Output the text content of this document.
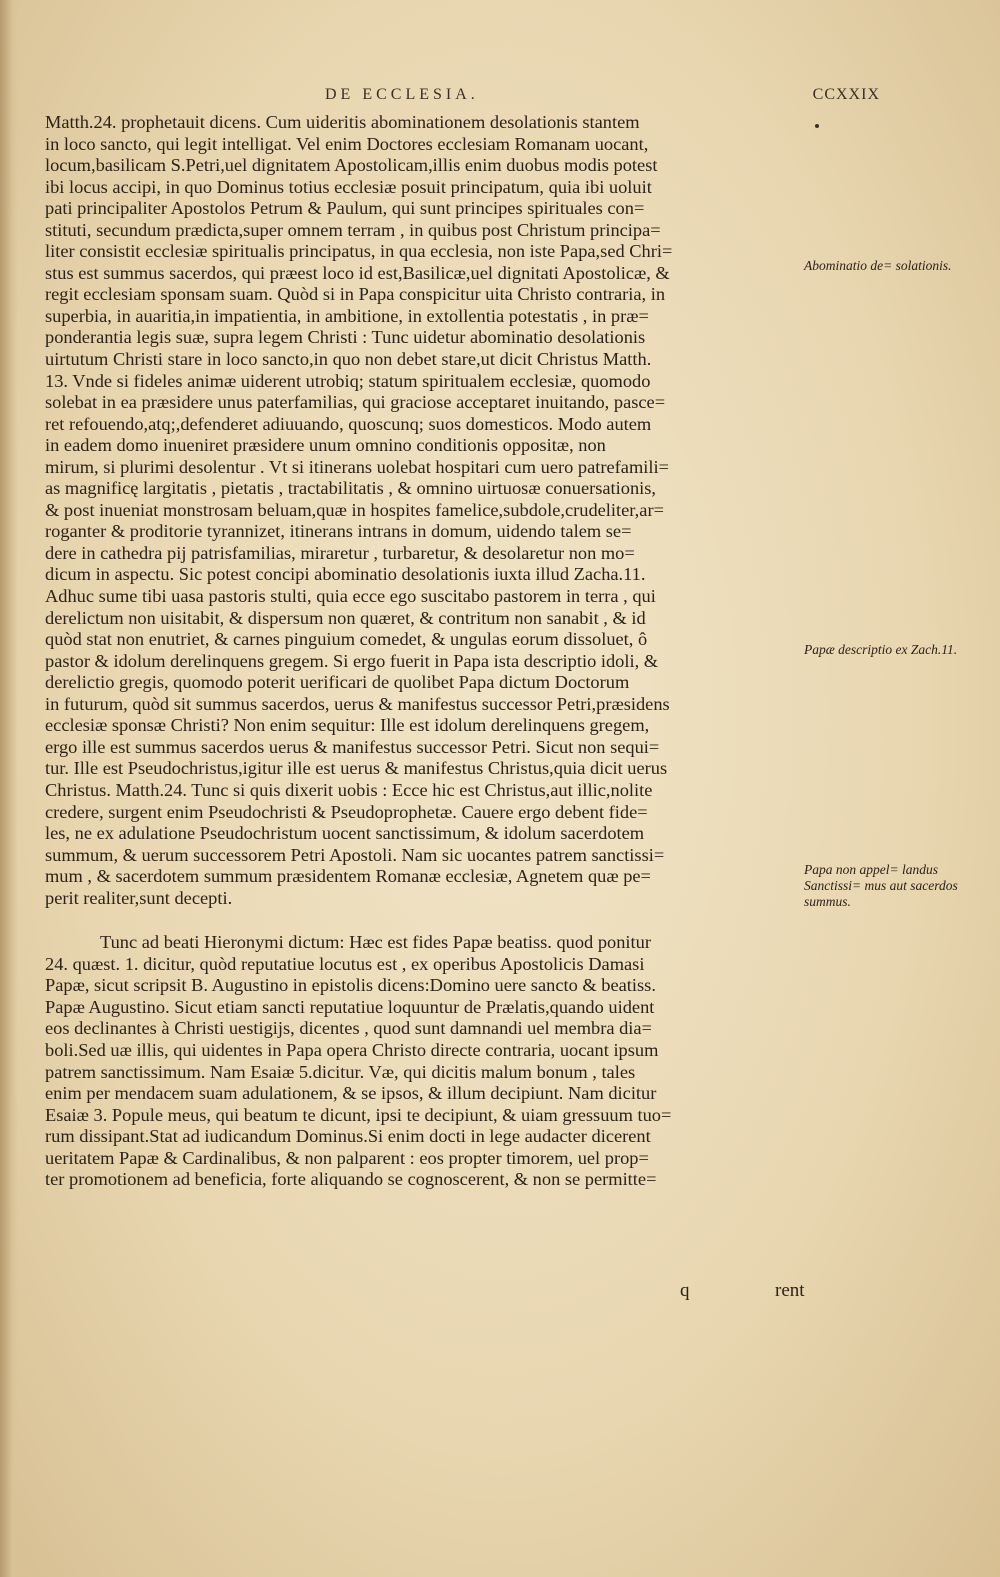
DE ECCLESIA.	CCXXIX
Matth.24. prophetauit dicens. Cum uideritis abominationem desolationis stantem
in loco sancto, qui legit intelligat. Vel enim Doctores ecclesiam Romanam uocant,
locum,basilicam S.Petri,uel dignitatem Apostolicam,illis enim duobus modis potest
ibi locus accipi, in quo Dominus totius ecclesiæ posuit principatum, quia ibi uoluit
pati principaliter Apostolos Petrum & Paulum, qui sunt principes spirituales con=
stituti, secundum prædicta,super omnem terram , in quibus post Christum principa=
liter consistit ecclesiæ spiritualis principatus, in qua ecclesia, non iste Papa,sed Chri=
stus est summus sacerdos, qui præest loco id est,Basilicæ,uel dignitati Apostolicæ, &
regit ecclesiam sponsam suam. Quòd si in Papa conspicitur uita Christo contraria, in
superbia, in auaritia,in impatientia, in ambitione, in extollentia potestatis , in præ=
ponderantia legis suæ, supra legem Christi : Tunc uidetur abominatio desolationis
uirtutum Christi stare in loco sancto,in quo non debet stare,ut dicit Christus Matth.
13. Vnde si fideles animæ uiderent utrobiq; statum spiritualem ecclesiæ, quomodo
solebat in ea præsidere unus paterfamilias, qui graciose acceptaret inuitando, pasce=
ret refouendo,atq;,defenderet adiuuando, quoscunq; suos domesticos. Modo autem
in eadem domo inueniret præsidere unum omnino conditionis oppositæ, non
mirum, si plurimi desolentur . Vt si itinerans uolebat hospitari cum uero patrefamili=
as magnificę largitatis , pietatis , tractabilitatis , & omnino uirtuosæ conuersationis,
& post inueniat monstrosam beluam,quæ in hospites famelice,subdole,crudeliter,ar=
roganter & proditorie tyrannizet, itinerans intrans in domum, uidendo talem se=
dere in cathedra pij patrisfamilias, miraretur , turbaretur, & desolaretur non mo=
dicum in aspectu. Sic potest concipi abominatio desolationis iuxta illud Zacha.11.
Adhuc sume tibi uasa pastoris stulti, quia ecce ego suscitabo pastorem in terra , qui
derelictum non uisitabit, & dispersum non quæret, & contritum non sanabit , & id
quòd stat non enutriet, & carnes pinguium comedet, & ungulas eorum dissoluet, ô
pastor & idolum derelinquens gregem. Si ergo fuerit in Papa ista descriptio idoli, &
derelictio gregis, quomodo poterit uerificari de quolibet Papa dictum Doctorum
in futurum, quòd sit summus sacerdos, uerus & manifestus successor Petri,præsidens
ecclesiæ sponsæ Christi? Non enim sequitur: Ille est idolum derelinquens gregem,
ergo ille est summus sacerdos uerus & manifestus successor Petri. Sicut non sequi=
tur. Ille est Pseudochristus,igitur ille est uerus & manifestus Christus,quia dicit uerus
Christus. Matth.24. Tunc si quis dixerit uobis : Ecce hic est Christus,aut illic,nolite
credere, surgent enim Pseudochristi & Pseudoprophetæ. Cauere ergo debent fide=
les, ne ex adulatione Pseudochristum uocent sanctissimum, & idolum sacerdotem
summum, & uerum successorem Petri Apostoli. Nam sic uocantes patrem sanctissi=
mum , & sacerdotem summum præsidentem Romanæ ecclesiæ, Agnetem quæ pe=
perit realiter,sunt decepti.
Tunc ad beati Hieronymi dictum: Hæc est fides Papæ beatiss. quod ponitur
24. quæst. 1. dicitur, quòd reputatiue locutus est , ex operibus Apostolicis Damasi
Papæ, sicut scripsit B. Augustino in epistolis dicens:Domino uere sancto & beatiss.
Papæ Augustino. Sicut etiam sancti reputatiue loquuntur de Prælatis,quando uident
eos declinantes à Christi uestigijs, dicentes , quod sunt damnandi uel membra dia=
boli.Sed uæ illis, qui uidentes in Papa opera Christo directe contraria, uocant ipsum
patrem sanctissimum. Nam Esaiæ 5.dicitur. Væ, qui dicitis malum bonum , tales
enim per mendacem suam adulationem, & se ipsos, & illum decipiunt. Nam dicitur
Esaiæ 3. Popule meus, qui beatum te dicunt, ipsi te decipiunt, & uiam gressuum tuo=
rum dissipant.Stat ad iudicandum Dominus.Si enim docti in lege audacter dicerent
ueritatem Papæ & Cardinalibus, & non palparent : eos propter timorem, uel prop=
ter promotionem ad beneficia, forte aliquando se cognoscerent, & non se permitte=
Abominatio de= solationis.
Papæ descriptio ex Zach.11.
Papa non appel= landus Sanctissi= mus aut sacerdos summus.
q	rent
